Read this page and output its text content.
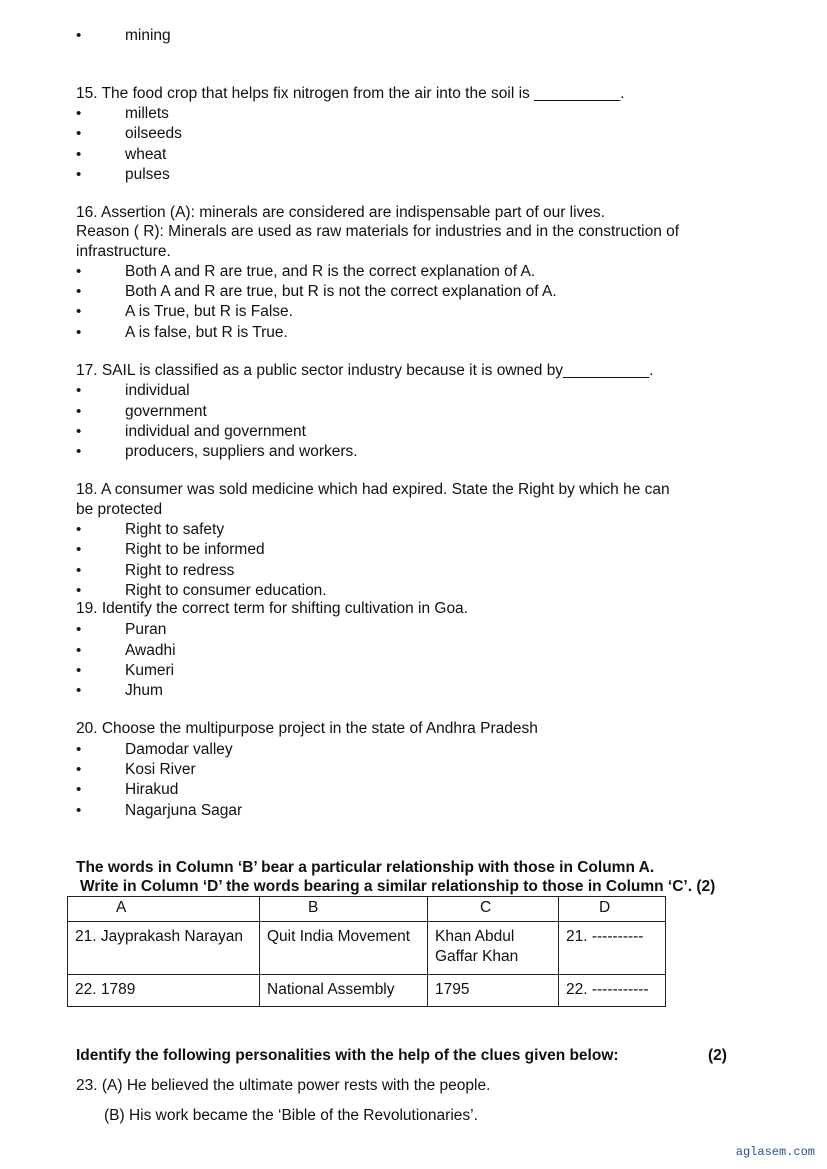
•	mining
15. The food crop that helps fix nitrogen from the air into the soil is __________.
•	millets
•	oilseeds
•	wheat
•	pulses
16. Assertion (A): minerals are considered are indispensable part of our lives.
Reason ( R): Minerals are used as raw materials for industries and in the construction of
infrastructure.
•	Both A and R are true, and R is the correct explanation of A.
•	Both A and R are true, but R is not the correct explanation of A.
•	A is True, but R is False.
•	A is false, but R is True.
17. SAIL is classified as a public sector industry because it is owned by__________.
•	individual
•	government
•	individual and government
•	producers, suppliers and workers.
18. A consumer was sold medicine which had expired. State the Right by which he can
be protected
•	Right to safety
•	Right to be informed
•	Right to redress
•	Right to consumer education.
19. Identify the correct term for shifting cultivation in Goa.
•	Puran
•	Awadhi
•	Kumeri
•	Jhum
20. Choose the multipurpose project in the state of Andhra Pradesh
•	Damodar valley
•	Kosi River
•	Hirakud
•	Nagarjuna Sagar
The words in Column ‘B’ bear a particular relationship with those in Column A.
Write in Column ‘D’ the words bearing a similar relationship to those in Column ‘C’. (2)
A	B	C	D
21. Jayprakash Narayan	Quit India Movement	Khan Abdul
Gaffar Khan	21. ----------
22. 1789	National Assembly	1795	22. -----------
Identify the following personalities with the help of the clues given below:	(2)
23. (A) He believed the ultimate power rests with the people.
(B) His work became the ‘Bible of the Revolutionaries’.
aglasem.com
